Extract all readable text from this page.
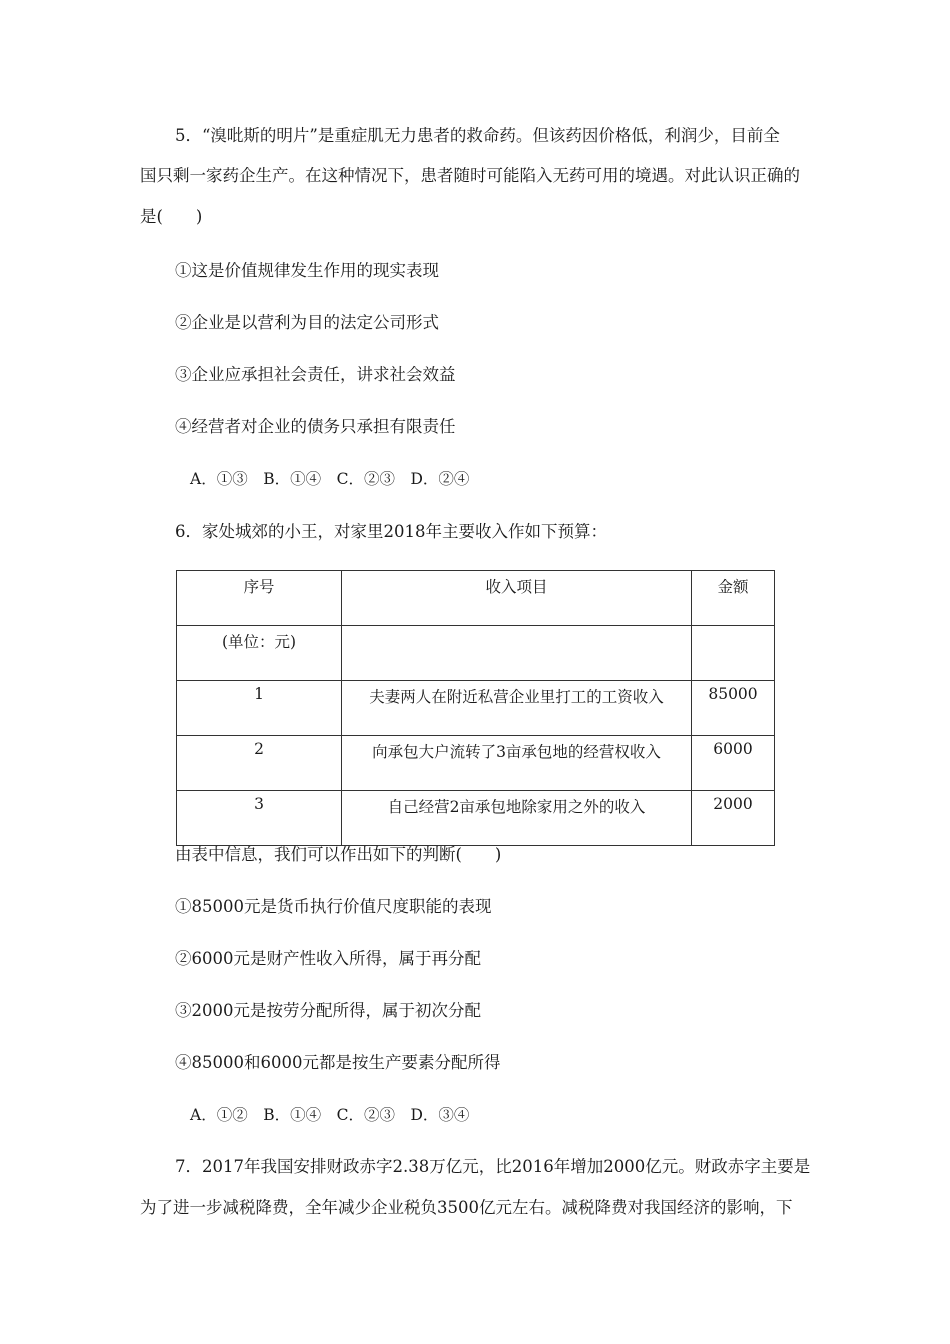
5．“溴吡斯的明片”是重症肌无力患者的救命药。但该药因价格低，利润少，目前全
国只剩一家药企生产。在这种情况下，患者随时可能陷入无药可用的境遇。对此认识正确的
是(　　)
①这是价值规律发生作用的现实表现
②企业是以营利为目的法定公司形式
③企业应承担社会责任，讲求社会效益
④经营者对企业的债务只承担有限责任
A．①③　B．①④　C．②③　D．②④
6．家处城郊的小王，对家里2018年主要收入作如下预算：
序号	收入项目	金额
(单位：元)		
1	夫妻两人在附近私营企业里打工的工资收入	85000
2	向承包大户流转了3亩承包地的经营权收入	6000
3	自己经营2亩承包地除家用之外的收入	2000
由表中信息，我们可以作出如下的判断(　　)
①85000元是货币执行价值尺度职能的表现
②6000元是财产性收入所得，属于再分配
③2000元是按劳分配所得，属于初次分配
④85000和6000元都是按生产要素分配所得
A．①②　B．①④　C．②③　D．③④
7．2017年我国安排财政赤字2.38万亿元，比2016年增加2000亿元。财政赤字主要是
为了进一步减税降费，全年减少企业税负3500亿元左右。减税降费对我国经济的影响，下
